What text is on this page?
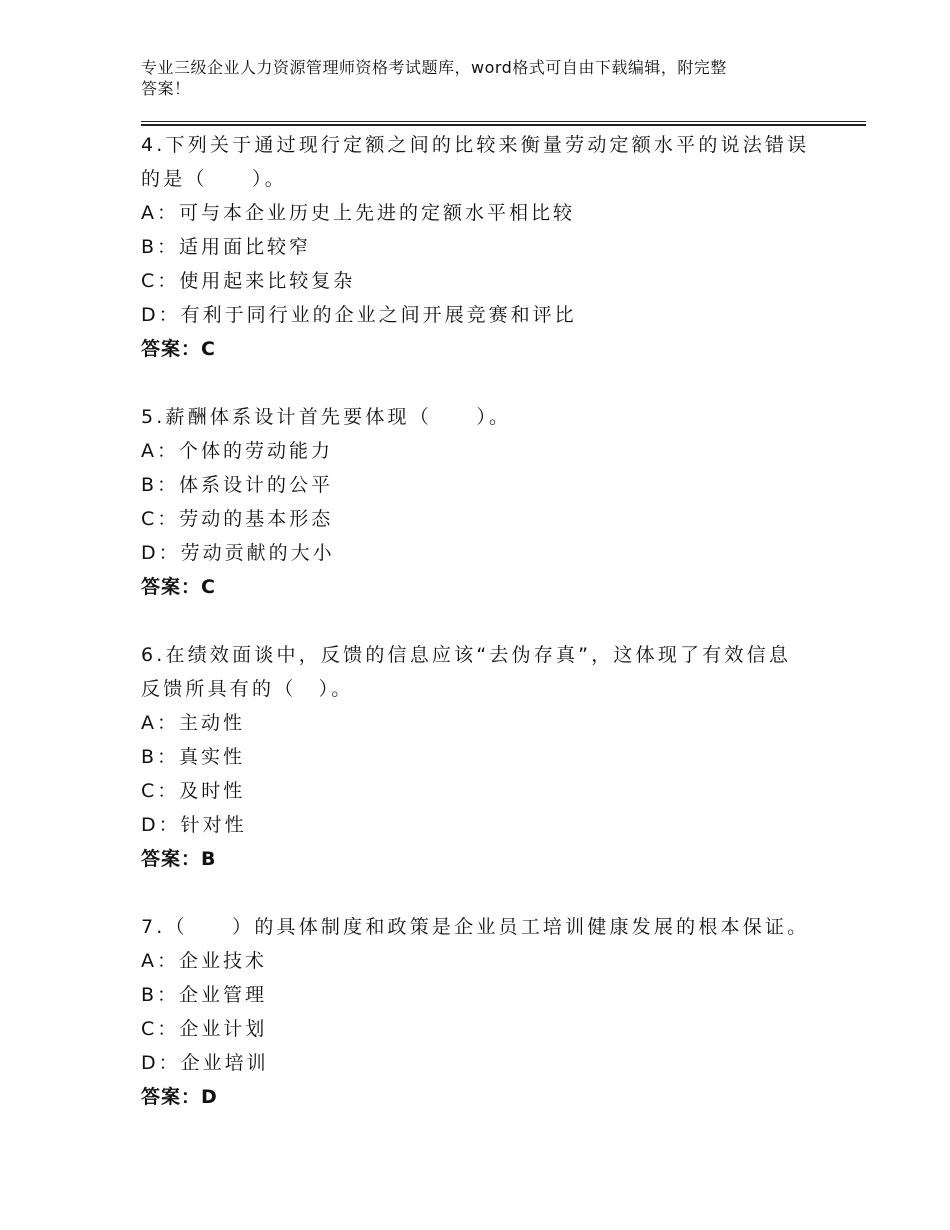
专业三级企业人力资源管理师资格考试题库，word格式可自由下载编辑，附完整
答案！
4.下列关于通过现行定额之间的比较来衡量劳动定额水平的说法错误
的是（　　）。
A：可与本企业历史上先进的定额水平相比较
B：适用面比较窄
C：使用起来比较复杂
D：有利于同行业的企业之间开展竞赛和评比
答案：C
5.薪酬体系设计首先要体现（　　）。
A：个体的劳动能力
B：体系设计的公平
C：劳动的基本形态
D：劳动贡献的大小
答案：C
6.在绩效面谈中，反馈的信息应该“去伪存真”，这体现了有效信息
反馈所具有的（　）。
A：主动性
B：真实性
C：及时性
D：针对性
答案：B
7.（　　）的具体制度和政策是企业员工培训健康发展的根本保证。
A：企业技术
B：企业管理
C：企业计划
D：企业培训
答案：D
